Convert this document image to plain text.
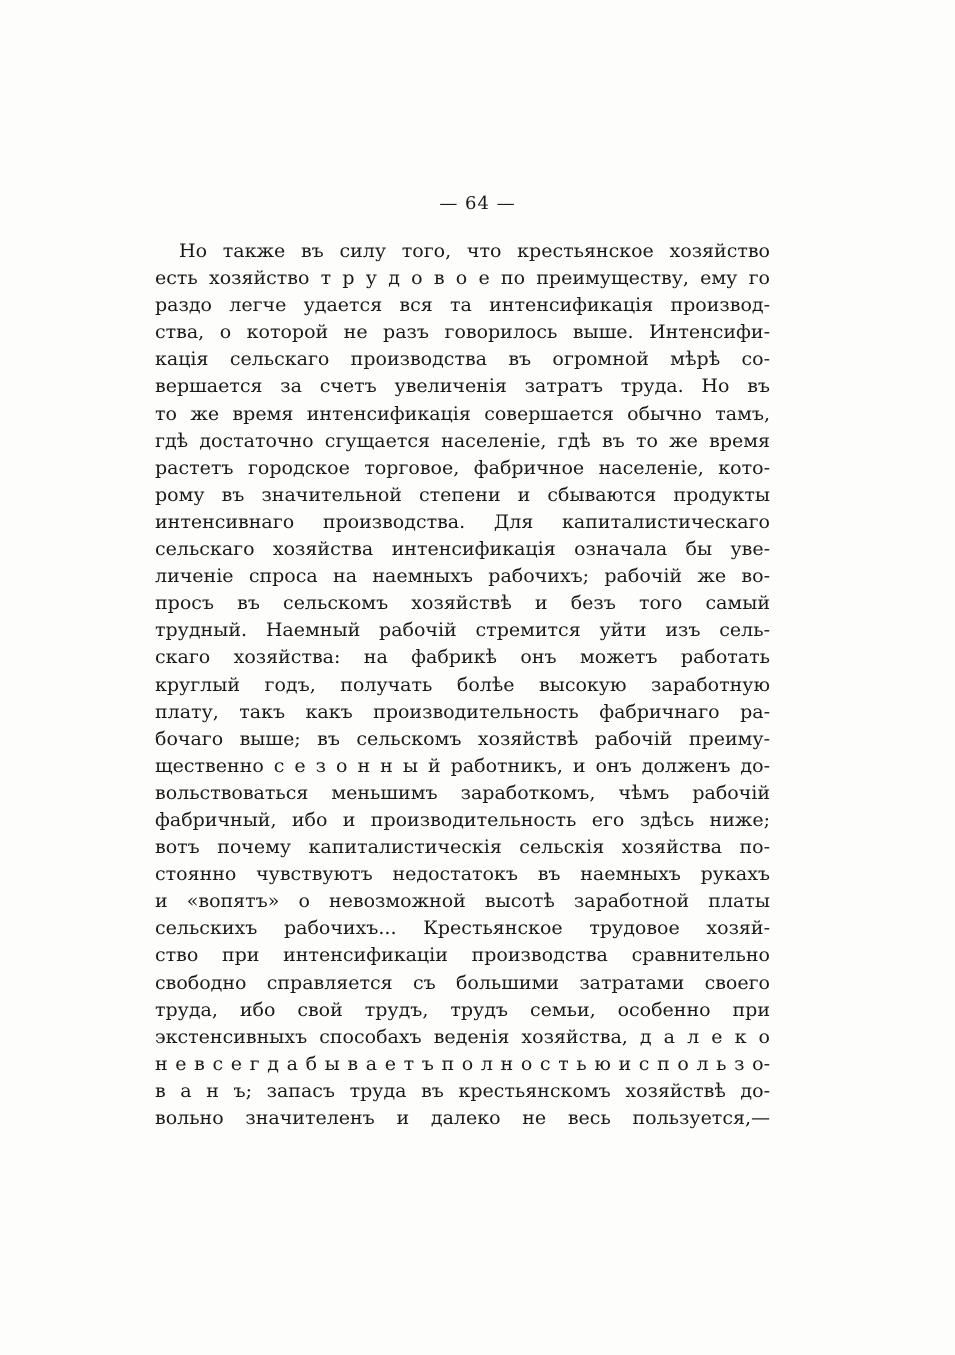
— 64 —
Но также въ силу того, что крестьянское хозяйство
есть хозяйство т р у д о в о е по преимуществу, ему го
раздо легче удается вся та интенсификація производ-
ства, о которой не разъ говорилось выше. Интенсифи-
кація сельскаго производства въ огромной мѣрѣ со-
вершается за счетъ увеличенія затратъ труда. Но въ
то же время интенсификація совершается обычно тамъ,
гдѣ достаточно сгущается населеніе, гдѣ въ то же время
растетъ городское торговое, фабричное населеніе, кото-
рому въ значительной степени и сбываются продукты
интенсивнаго производства. Для капиталистическаго
сельскаго хозяйства интенсификація означала бы уве-
личеніе спроса на наемныхъ рабочихъ; рабочій же во-
просъ въ сельскомъ хозяйствѣ и безъ того самый
трудный. Наемный рабочій стремится уйти изъ сель-
скаго хозяйства: на фабрикѣ онъ можетъ работать
круглый годъ, получать болѣе высокую заработную
плату, такъ какъ производительность фабричнаго ра-
бочаго выше; въ сельскомъ хозяйствѣ рабочій преиму-
щественно с е з о н н ы й работникъ, и онъ долженъ до-
вольствоваться меньшимъ заработкомъ, чѣмъ рабочій
фабричный, ибо и производительность его здѣсь ниже;
вотъ почему капиталистическія сельскія хозяйства по-
стоянно чувствуютъ недостатокъ въ наемныхъ рукахъ
и «вопятъ» о невозможной высотѣ заработной платы
сельскихъ рабочихъ... Крестьянское трудовое хозяй-
ство при интенсификаціи производства сравнительно
свободно справляется съ большими затратами своего
труда, ибо свой трудъ, трудъ семьи, особенно при
экстенсивныхъ способахъ веденія хозяйства, д а л е к о
н е в с е г д а б ы в а е т ъ п о л н о с т ь ю и с п о л ь з о-
в а н ъ; запасъ труда въ крестьянскомъ хозяйствѣ до-
вольно значителенъ и далеко не весь пользуется,—
